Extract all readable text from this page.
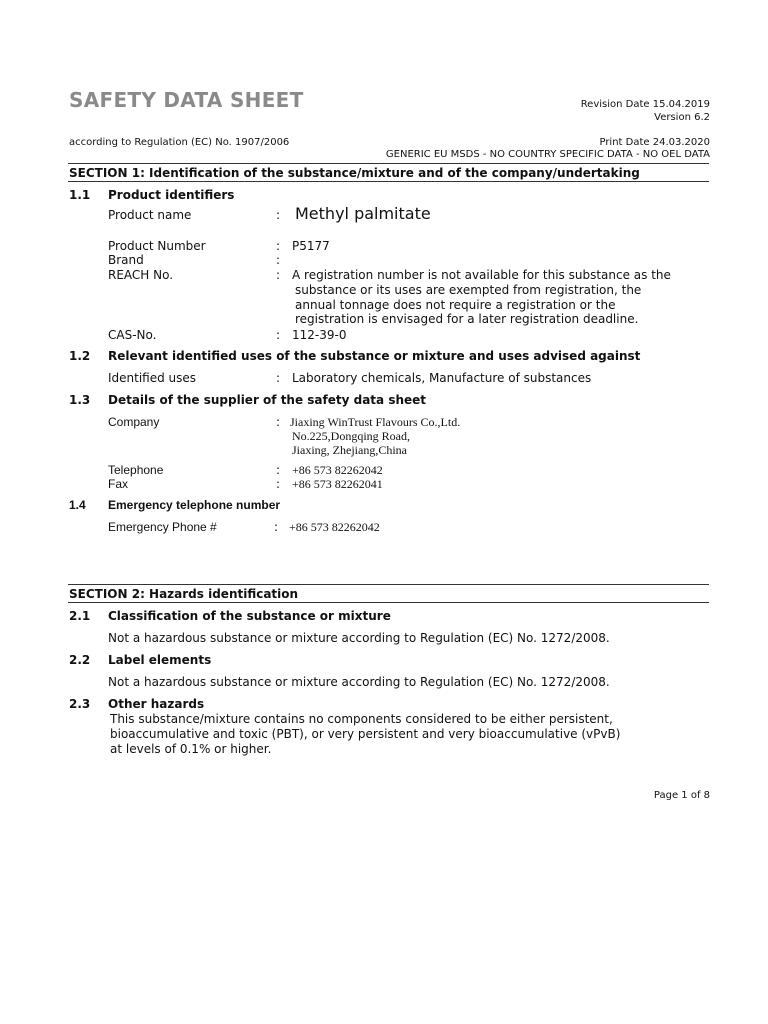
SAFETY DATA SHEET	Revision Date 15.04.2019
Version 6.2
according to Regulation (EC) No. 1907/2006	Print Date 24.03.2020
GENERIC EU MSDS - NO COUNTRY SPECIFIC DATA - NO OEL DATA
SECTION 1: Identification of the substance/mixture and of the company/undertaking
1.1 Product identifiers
Product name	: Methyl palmitate
Product Number	: P5177
Brand	:
REACH No.	: A registration number is not available for this substance as the
substance or its uses are exempted from registration, the
annual tonnage does not require a registration or the
registration is envisaged for a later registration deadline.
CAS-No.	: 112-39-0
1.2 Relevant identified uses of the substance or mixture and uses advised against
Identified uses	: Laboratory chemicals, Manufacture of substances
1.3 Details of the supplier of the safety data sheet
Company	: Jiaxing WinTrust Flavours Co.,Ltd.
No.225,Dongqing Road,
Jiaxing, Zhejiang,China
Telephone	: +86 573 82262042
Fax	: +86 573 82262041
1.4 Emergency telephone number
Emergency Phone #	: +86 573 82262042
SECTION 2: Hazards identification
2.1 Classification of the substance or mixture
Not a hazardous substance or mixture according to Regulation (EC) No. 1272/2008.
2.2 Label elements
Not a hazardous substance or mixture according to Regulation (EC) No. 1272/2008.
2.3 Other hazards
This substance/mixture contains no components considered to be either persistent,
bioaccumulative and toxic (PBT), or very persistent and very bioaccumulative (vPvB)
at levels of 0.1% or higher.
Page 1 of 8
